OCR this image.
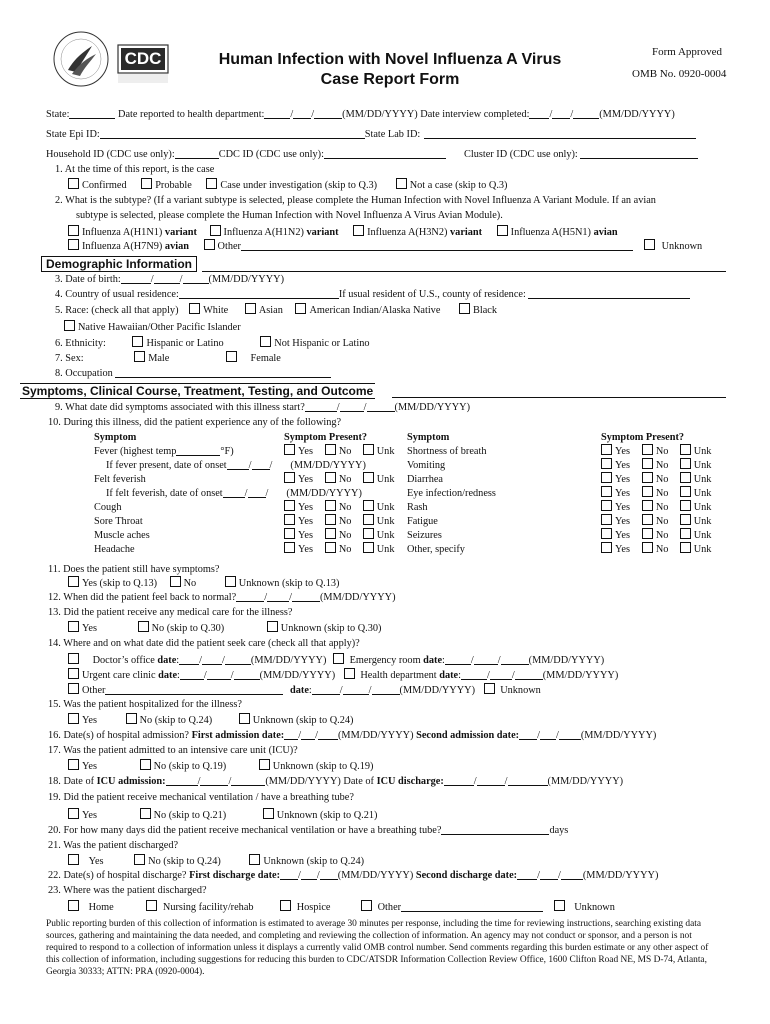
CDC	Human Infection with Novel Influenza A Virus
Case Report Form
Form Approved
OMB No. 0920-0004
State:	Date reported to health department:	/ /	(MM/DD/YYYY) Date interview completed: / /	(MM/DD/YYYY)
State Epi ID:	State Lab ID:
Household ID (CDC use only):	CDC ID (CDC use only):	Cluster ID (CDC use only):
1. At the time of this report, is the case
Confirmed	Probable	Case under investigation (skip to Q.3)	Not a case (skip to Q.3)
2. What is the subtype? (If a variant subtype is selected, please complete the Human Infection with Novel Influenza A Variant Module. If an avian
subtype is selected, please complete the Human Infection with Novel Influenza A Virus Avian Module).
Influenza A(H1N1) variant	Influenza A(H1N2) variant	Influenza A(H3N2) variant	Influenza A(H5N1) avian
Influenza A(H7N9) avian	Other	Unknown
Demographic Information
3. Date of birth:	/	/	(MM/DD/YYYY)
4. Country of usual residence:	If usual resident of U.S., county of residence:
5. Race: (check all that apply) White	Asian	American Indian/Alaska Native	Black
Native Hawaiian/Other Pacific Islander
6. Ethnicity:	Hispanic or Latino	Not Hispanic or Latino
7. Sex:	Male	Female
8. Occupation
Symptoms, Clinical Course, Treatment, Testing, and Outcome
9. What date did symptoms associated with this illness start?	/ /	(MM/DD/YYYY)
10. During this illness, did the patient experience any of the following?
Symptom	Symptom Present?			Symptom	Symptom Present?		
Fever (highest temp °F)	Yes	No	Unk	Shortness of breath	Yes	No	Unk
If fever present, date of onset / / (MM/DD/YYYY)				Vomiting	Yes	No	Unk
Felt feverish	Yes	No	Unk	Diarrhea	Yes	No	Unk
If felt feverish, date of onset / / (MM/DD/YYYY)				Eye infection/redness	Yes	No	Unk
Cough	Yes	No	Unk	Rash	Yes	No	Unk
Sore Throat	Yes	No	Unk	Fatigue	Yes	No	Unk
Muscle aches	Yes	No	Unk	Seizures	Yes	No	Unk
Headache	Yes	No	Unk	Other, specify	Yes	No	Unk
11. Does the patient still have symptoms?
Yes (skip to Q.13)	No	Unknown (skip to Q.13)
12. When did the patient feel back to normal?	/ /	(MM/DD/YYYY)
13. Did the patient receive any medical care for the illness?
Yes	No (skip to Q.30)	Unknown (skip to Q.30)
14. Where and on what date did the patient seek care (check all that apply)?
Doctor’s office date: / /	(MM/DD/YYYY) Emergency room date:	/ /	(MM/DD/YYYY)
Urgent care clinic date: / /	(MM/DD/YYYY) Health department date:	/ /	(MM/DD/YYYY)
Other	date:	/	/	(MM/DD/YYYY) Unknown
15. Was the patient hospitalized for the illness?
Yes	No (skip to Q.24)	Unknown (skip to Q.24)
16. Date(s) of hospital admission? First admission date: / / (MM/DD/YYYY) Second admission date: / / (MM/DD/YYYY)
17. Was the patient admitted to an intensive care unit (ICU)?
Yes	No (skip to Q.19)	Unknown (skip to Q.19)
18. Date of ICU admission:	/	/	(MM/DD/YYYY) Date of ICU discharge:	/	/	(MM/DD/YYYY)
19. Did the patient receive mechanical ventilation / have a breathing tube?
Yes	No (skip to Q.21)	Unknown (skip to Q.21)
20. For how many days did the patient receive mechanical ventilation or have a breathing tube?	days
21. Was the patient discharged?
Yes	No (skip to Q.24)	Unknown (skip to Q.24)
22. Date(s) of hospital discharge? First discharge date: / / (MM/DD/YYYY) Second discharge date: / / (MM/DD/YYYY)
23. Where was the patient discharged?
Home	Nursing facility/rehab	Hospice	Other	Unknown
Public reporting burden of this collection of information is estimated to average 30 minutes per response, including the time for reviewing instructions, searching existing data sources, gathering and maintaining the data needed, and completing and reviewing the collection of information. An agency may not conduct or sponsor, and a person is not required to respond to a collection of information unless it displays a currently valid OMB control number. Send comments regarding this burden estimate or any other aspect of this collection of information, including suggestions for reducing this burden to CDC/ATSDR Information Collection Review Office, 1600 Clifton Road NE, MS D-74, Atlanta, Georgia 30333; ATTN: PRA (0920-0004).
